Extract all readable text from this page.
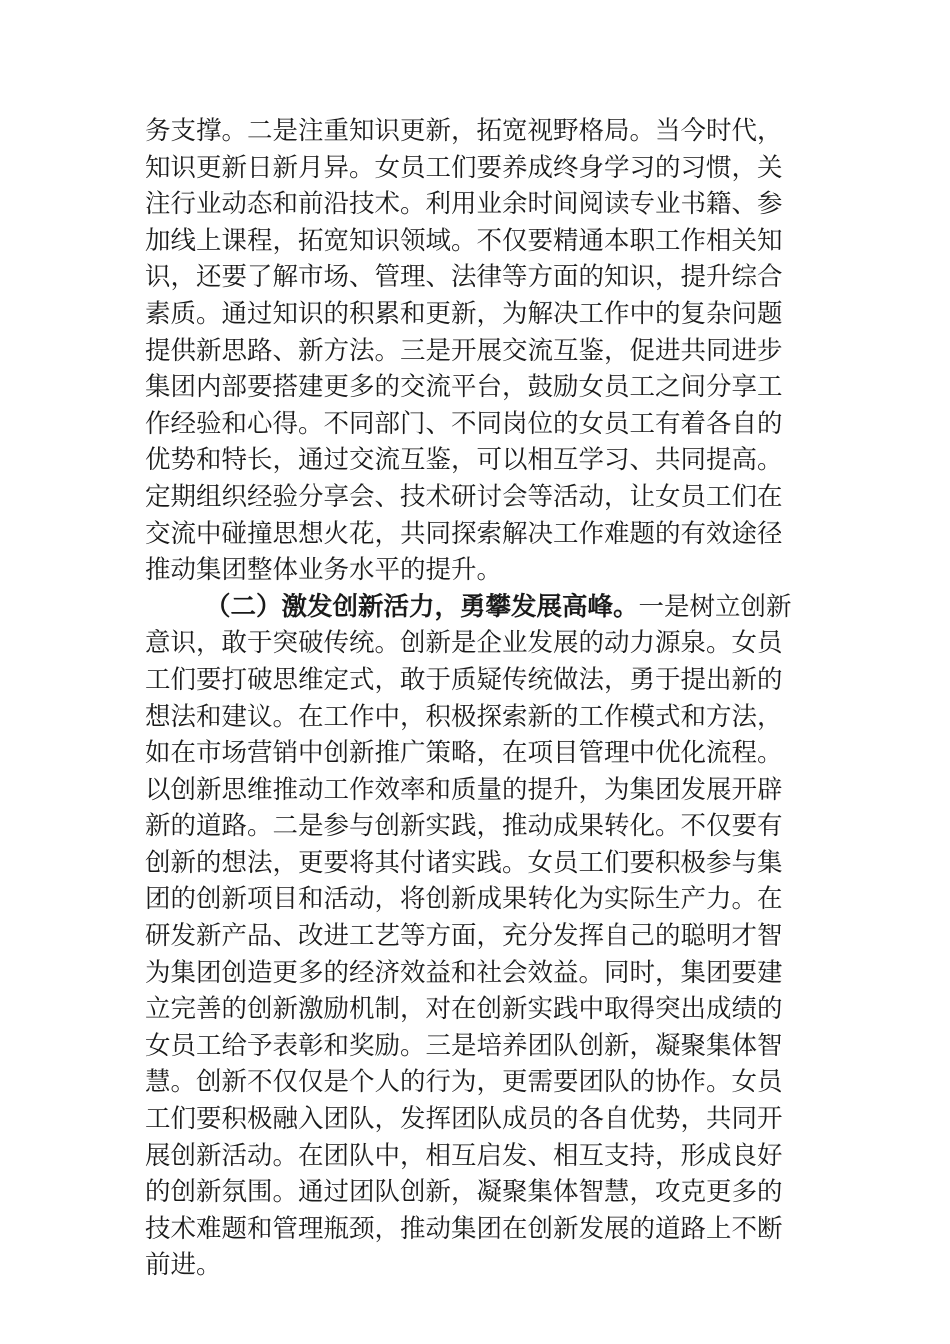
务支撑。二是注重知识更新，拓宽视野格局。当今时代，
知识更新日新月异。女员工们要养成终身学习的习惯，关
注行业动态和前沿技术。利用业余时间阅读专业书籍、参
加线上课程，拓宽知识领域。不仅要精通本职工作相关知
识，还要了解市场、管理、法律等方面的知识，提升综合
素质。通过知识的积累和更新，为解决工作中的复杂问题
提供新思路、新方法。三是开展交流互鉴，促进共同进步
集团内部要搭建更多的交流平台，鼓励女员工之间分享工
作经验和心得。不同部门、不同岗位的女员工有着各自的
优势和特长，通过交流互鉴，可以相互学习、共同提高。
定期组织经验分享会、技术研讨会等活动，让女员工们在
交流中碰撞思想火花，共同探索解决工作难题的有效途径
推动集团整体业务水平的提升。
（二）激发创新活力，勇攀发展高峰。一是树立创新
意识，敢于突破传统。创新是企业发展的动力源泉。女员
工们要打破思维定式，敢于质疑传统做法，勇于提出新的
想法和建议。在工作中，积极探索新的工作模式和方法，
如在市场营销中创新推广策略，在项目管理中优化流程。
以创新思维推动工作效率和质量的提升，为集团发展开辟
新的道路。二是参与创新实践，推动成果转化。不仅要有
创新的想法，更要将其付诸实践。女员工们要积极参与集
团的创新项目和活动，将创新成果转化为实际生产力。在
研发新产品、改进工艺等方面，充分发挥自己的聪明才智
为集团创造更多的经济效益和社会效益。同时，集团要建
立完善的创新激励机制，对在创新实践中取得突出成绩的
女员工给予表彰和奖励。三是培养团队创新，凝聚集体智
慧。创新不仅仅是个人的行为，更需要团队的协作。女员
工们要积极融入团队，发挥团队成员的各自优势，共同开
展创新活动。在团队中，相互启发、相互支持，形成良好
的创新氛围。通过团队创新，凝聚集体智慧，攻克更多的
技术难题和管理瓶颈，推动集团在创新发展的道路上不断
前进。
